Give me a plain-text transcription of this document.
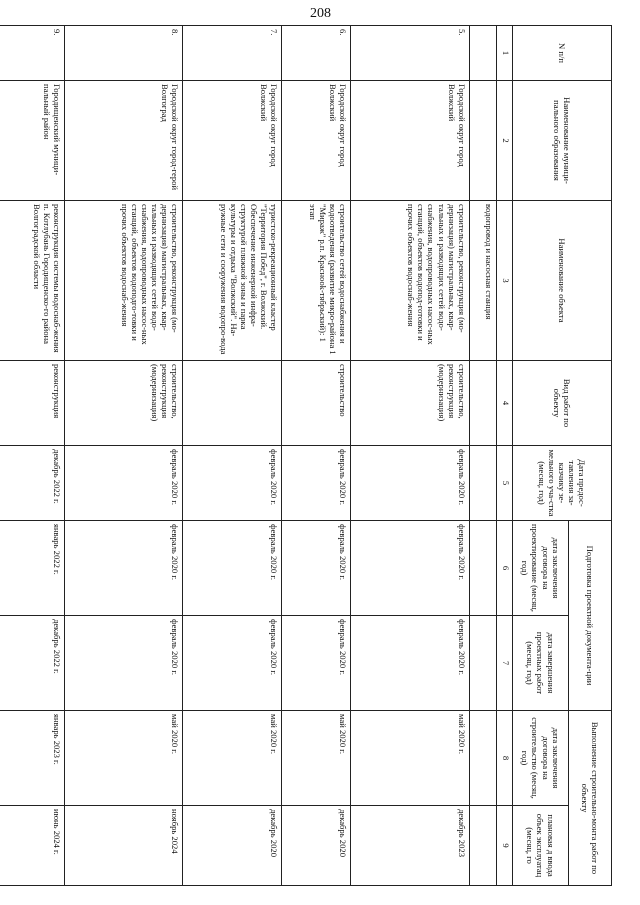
208
N п/п	Наименование муници-пального образования	Наименование объекта	Вид работ по объекту	Дата предос-тавления за-казчику зе-мельного уча-стка (месяц, год)	Подготовка проектной документа-ции		Выполнение строительно-монта работ по объекту	
					дата заключения договора на проектирование (месяц, год)	дата завершения проектных работ (месяц, год)	дата заключения договора на строительство (месяц, год)	плановая д ввода объек эксплуатац (месяц, го
1	2	3	4	5	6	7	8	9
		водопровод и насосная станция						
5.	Городской округ город Волжский	строительство, реконструкция (мо-дернизация) магистральных, квар-тальных и разводящих сетей водо-снабжения, водопроводных насос-ных станций, объектов водопод-готовки и прочих объектов водоснаб-жения	строительство, реконструкция (модернизация)	февраль 2020 г.	февраль 2020 г.	февраль 2020 г.	май 2020 г.	декабрь 2023
6.	Городской округ город Волжский	строительство сетей водоснабжения и водоотведения (развитие микро-района 1 "Мираж" р.п. Краснооk-тябрьский): 1 этап	строительство	февраль 2020 г.	февраль 2020 г.	февраль 2020 г.	май 2020 г.	декабрь 2020
7.	Городской округ город Волжский	туристско-рекреационный кластер "Территория Побед", г. Волжский. Обеспечение инженерной инфра-структурой пляжной зоны и парка культуры и отдыха "Волжский". На-ружные сети и сооружения водопро-вода		февраль 2020 г.	февраль 2020 г.	февраль 2020 г.	май 2020 г.	декабрь 2020
8.	Городской округ город-герой Волгоград	строительство, реконструкция (мо-дернизация) магистральных, квар-тальных и разводящих сетей водо-снабжения, водопроводных насос-ных станций, объектов водоподго-товки и прочих объектов водоснаб-жения	строительство, реконструкция (модернизация)	февраль 2020 г.	февраль 2020 г.	февраль 2020 г.	май 2020 г.	ноябрь 2024
9.	Городищенский муници-пальный район	реконструкция системы водоснаб-жения п. Котлубань Городищенско-го района Волгоградской области	реконструкция	декабрь 2022 г.	январь 2022 г.	декабрь 2022 г.	январь 2023 г.	июнь 2024 г.
